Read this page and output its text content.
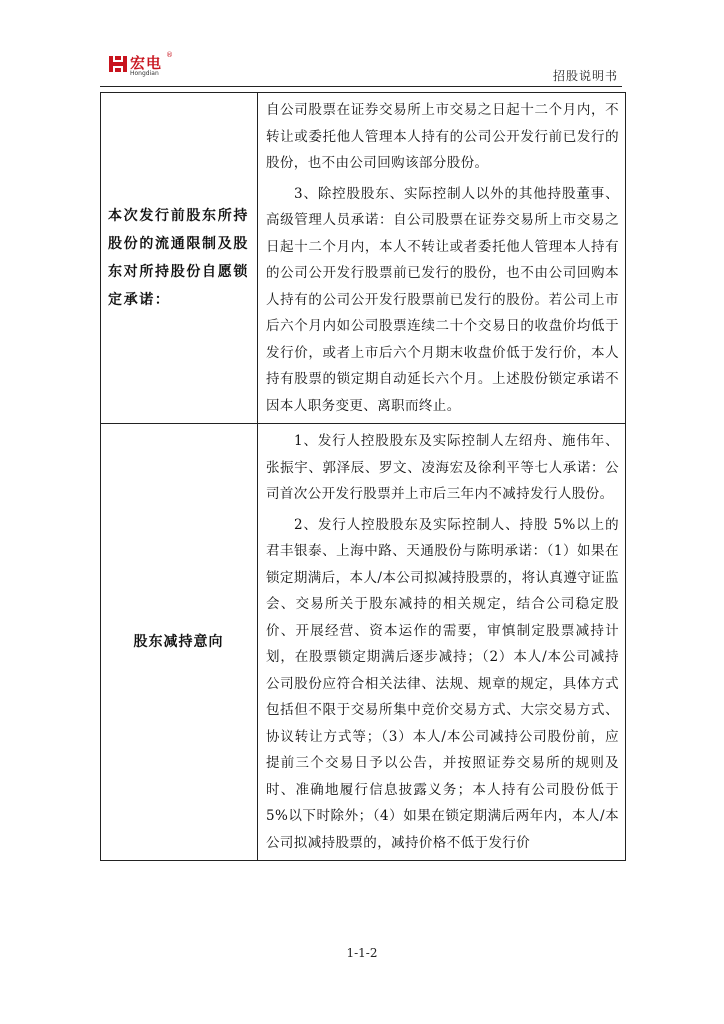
宏电 ®
Hongdian	招股说明书
本次发行前股东所持股份的流通限制及股东对所持股份自愿锁定承诺：	自公司股票在证券交易所上市交易之日起十二个月内，不转让或委托他人管理本人持有的公司公开发行前已发行的股份，也不由公司回购该部分股份。

3、除控股股东、实际控制人以外的其他持股董事、高级管理人员承诺：自公司股票在证券交易所上市交易之日起十二个月内，本人不转让或者委托他人管理本人持有的公司公开发行股票前已发行的股份，也不由公司回购本人持有的公司公开发行股票前已发行的股份。若公司上市后六个月内如公司股票连续二十个交易日的收盘价均低于发行价，或者上市后六个月期末收盘价低于发行价，本人持有股票的锁定期自动延长六个月。上述股份锁定承诺不因本人职务变更、离职而终止。

股东减持意向	1、发行人控股股东及实际控制人左绍舟、施伟年、张振宇、郭泽辰、罗文、凌海宏及徐利平等七人承诺：公司首次公开发行股票并上市后三年内不减持发行人股份。

2、发行人控股股东及实际控制人、持股 5%以上的君丰银泰、上海中路、天通股份与陈明承诺：（1）如果在锁定期满后，本人/本公司拟减持股票的，将认真遵守证监会、交易所关于股东减持的相关规定，结合公司稳定股价、开展经营、资本运作的需要，审慎制定股票减持计划，在股票锁定期满后逐步减持；（2）本人/本公司减持公司股份应符合相关法律、法规、规章的规定，具体方式包括但不限于交易所集中竞价交易方式、大宗交易方式、协议转让方式等；（3）本人/本公司减持公司股份前，应提前三个交易日予以公告，并按照证券交易所的规则及时、准确地履行信息披露义务；本人持有公司股份低于 5%以下时除外；（4）如果在锁定期满后两年内，本人/本公司拟减持股票的，减持价格不低于发行价

1-1-2
